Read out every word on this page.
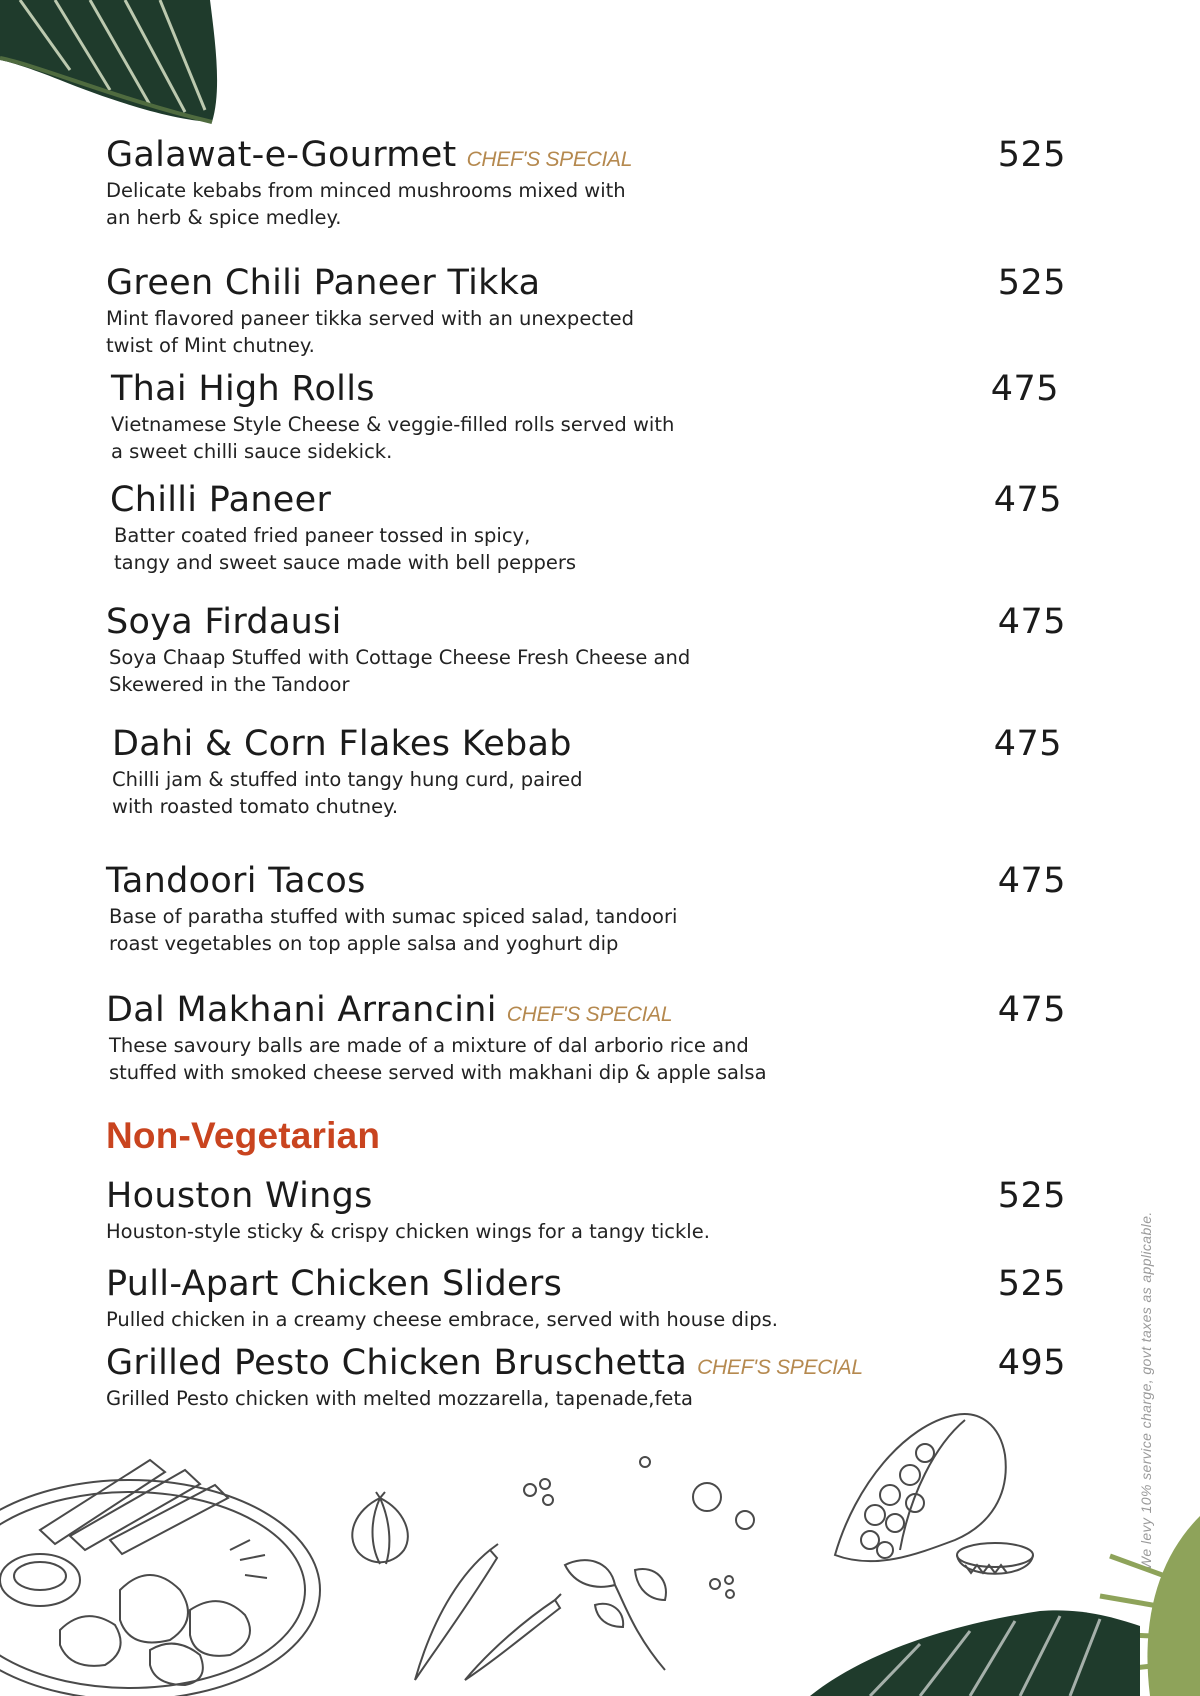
Galawat-e-Gourmet CHEF'S SPECIAL	525
Delicate kebabs from minced mushrooms mixed with
an herb & spice medley.
Green Chili Paneer Tikka	525
Mint flavored paneer tikka served with an unexpected
twist of Mint chutney.
Thai High Rolls	475
Vietnamese Style Cheese & veggie-filled rolls served with
a sweet chilli sauce sidekick.
Chilli Paneer	475
Batter coated fried paneer tossed in spicy,
tangy and sweet sauce made with bell peppers
Soya Firdausi	475
Soya Chaap Stuffed with Cottage Cheese Fresh Cheese and
Skewered in the Tandoor
Dahi & Corn Flakes Kebab	475
Chilli jam & stuffed into tangy hung curd, paired
with roasted tomato chutney.
Tandoori Tacos	475
Base of paratha stuffed with sumac spiced salad, tandoori
roast vegetables on top apple salsa and yoghurt dip
Dal Makhani Arrancini CHEF'S SPECIAL	475
These savoury balls are made of a mixture of dal arborio rice and
stuffed with smoked cheese served with makhani dip & apple salsa
Non-Vegetarian
Houston Wings	525
Houston-style sticky & crispy chicken wings for a tangy tickle.
Pull-Apart Chicken Sliders	525
Pulled chicken in a creamy cheese embrace, served with house dips.
Grilled Pesto Chicken Bruschetta CHEF'S SPECIAL	495
Grilled Pesto chicken with melted mozzarella, tapenade,feta	We levy 10% service charge, govt taxes as applicable.
